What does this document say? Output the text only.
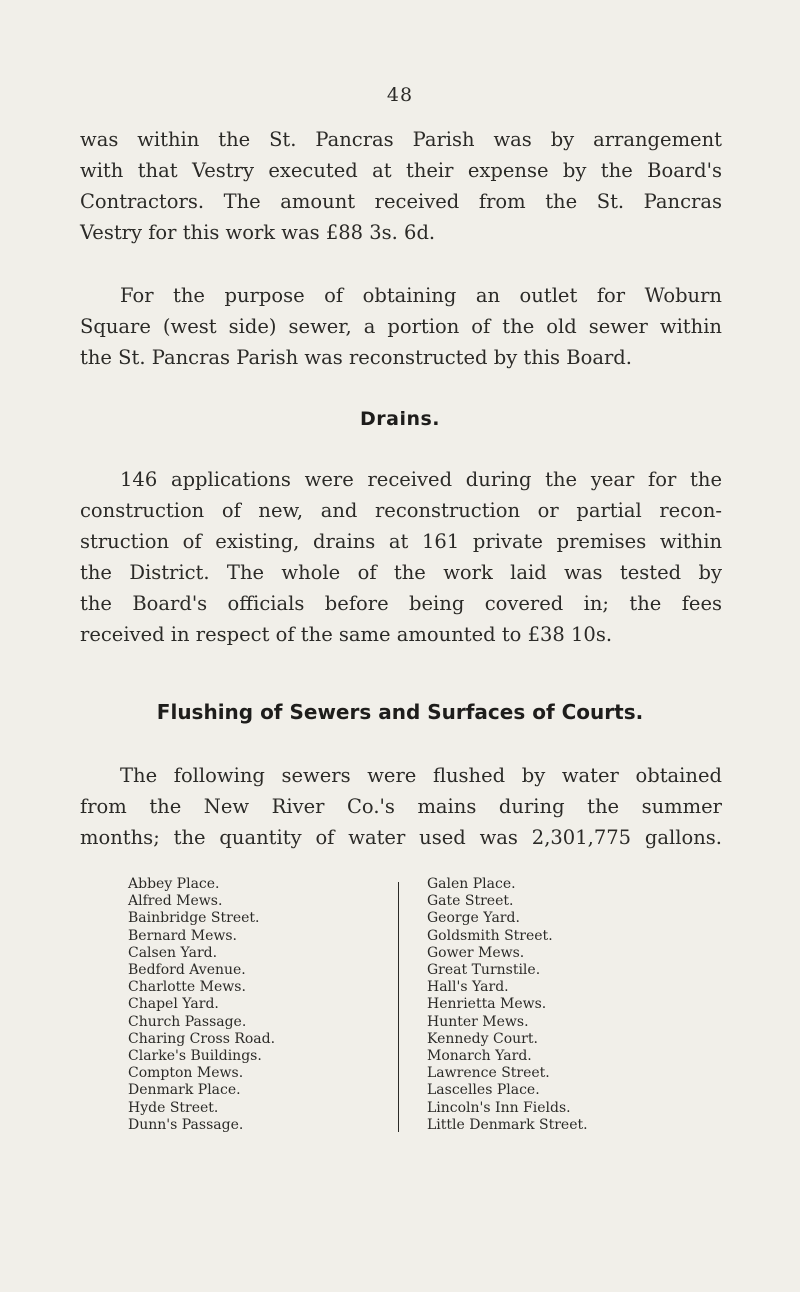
48

was within the St. Pancras Parish was by arrangement
with that Vestry executed at their expense by the Board's
Contractors. The amount received from the St. Pancras
Vestry for this work was £88 3s. 6d.

For the purpose of obtaining an outlet for Woburn
Square (west side) sewer, a portion of the old sewer within
the St. Pancras Parish was reconstructed by this Board.

Drains.

146 applications were received during the year for the
construction of new, and reconstruction or partial recon-
struction of existing, drains at 161 private premises within
the District. The whole of the work laid was tested by
the Board's officials before being covered in; the fees
received in respect of the same amounted to £38 10s.

Flushing of Sewers and Surfaces of Courts.

The following sewers were flushed by water obtained
from the New River Co.'s mains during the summer
months; the quantity of water used was 2,301,775 gallons.

Abbey Place.
Alfred Mews.
Bainbridge Street.
Bernard Mews.
Calsen Yard.
Bedford Avenue.
Charlotte Mews.
Chapel Yard.
Church Passage.
Charing Cross Road.
Clarke's Buildings.
Compton Mews.
Denmark Place.
Hyde Street.
Dunn's Passage.
Galen Place.
Gate Street.
George Yard.
Goldsmith Street.
Gower Mews.
Great Turnstile.
Hall's Yard.
Henrietta Mews.
Hunter Mews.
Kennedy Court.
Monarch Yard.
Lawrence Street.
Lascelles Place.
Lincoln's Inn Fields.
Little Denmark Street.
